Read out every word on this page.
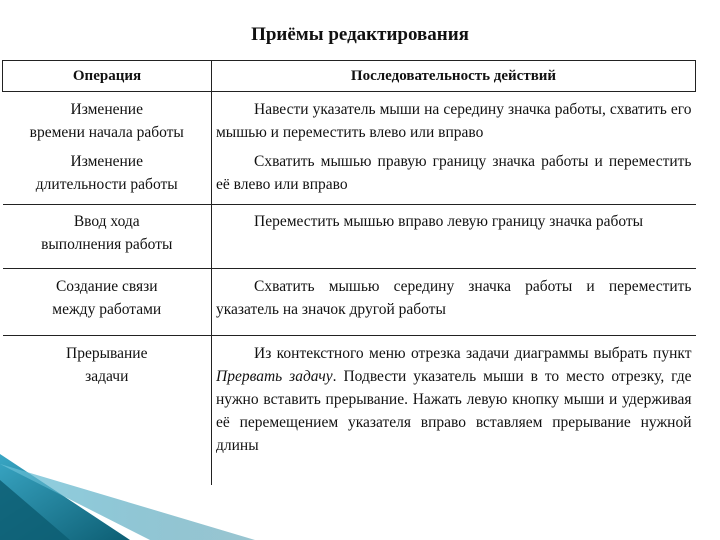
Приёмы редактирования
Операция	Последовательность действий
Изменение
времени начала работы	Навести указатель мыши на середину значка работы, схватить его мышью и переместить влево или вправо
Изменение
длительности работы	Схватить мышью правую границу значка работы и переместить её влево или вправо
Ввод хода
выполнения работы	Переместить мышью вправо левую границу значка работы
Создание связи
между работами	Схватить мышью середину значка работы и переместить указатель на значок другой работы
Прерывание
задачи	Из контекстного меню отрезка задачи диаграммы выбрать пункт Прервать задачу. Подвести указатель мыши в то место отрезку, где нужно вставить прерывание. Нажать левую кнопку мыши и удерживая её перемещением указателя вправо вставляем прерывание нужной длины
